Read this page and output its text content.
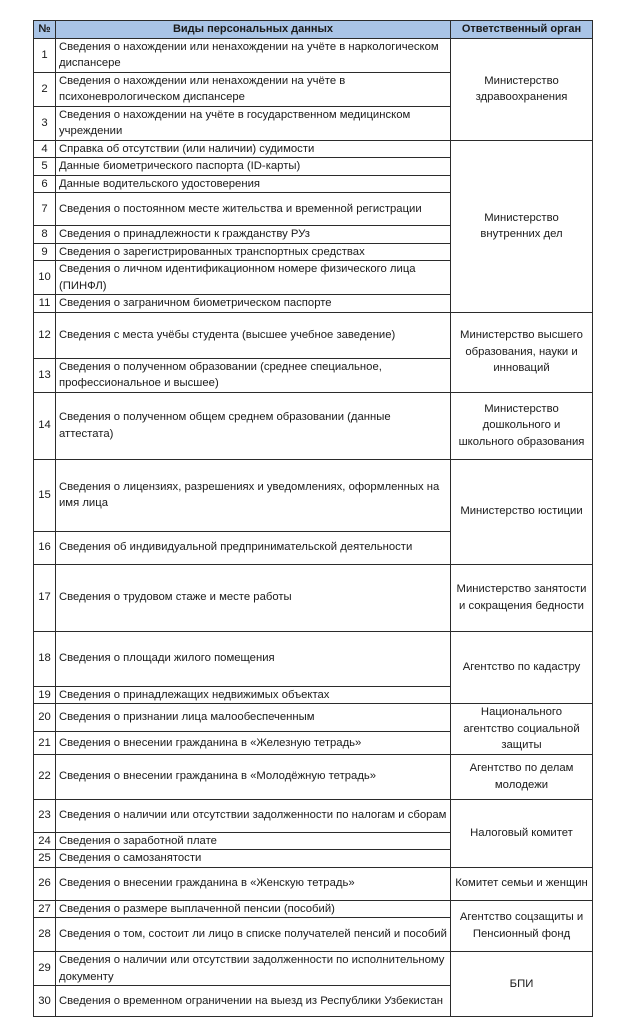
№	Виды персональных данных	Ответственный орган
1	Сведения о нахождении или ненахождении на учёте в наркологическом диспансере	Министерство здравоохранения
2	Сведения о нахождении или ненахождении на учёте в психоневрологическом диспансере	
3	Сведения о нахождении на учёте в государственном медицинском учреждении	
4	Справка об отсутствии (или наличии) судимости	Министерство внутренних дел
5	Данные биометрического паспорта (ID-карты)	
6	Данные водительского удостоверения	
7	Сведения о постоянном месте жительства и временной регистрации	
8	Сведения о принадлежности к гражданству РУз	
9	Сведения о зарегистрированных транспортных средствах	
10	Сведения о личном идентификационном номере физического лица (ПИНФЛ)	
11	Сведения о заграничном биометрическом паспорте	
12	Сведения с места учёбы студента (высшее учебное заведение)	Министерство высшего образования, науки и инноваций
13	Сведения о полученном образовании (среднее специальное, профессиональное и высшее)	
14	Сведения о полученном общем среднем образовании (данные аттестата)	Министерство дошкольного и школьного образования
15	Сведения о лицензиях, разрешениях и уведомлениях, оформленных на имя лица	Министерство юстиции
16	Сведения об индивидуальной предпринимательской деятельности	
17	Сведения о трудовом стаже и месте работы	Министерство занятости и сокращения бедности
18	Сведения о площади жилого помещения	Агентство по кадастру
19	Сведения о принадлежащих недвижимых объектах	
20	Сведения о признании лица малообеспеченным	Национального агентство социальной защиты
21	Сведения о внесении гражданина в «Железную тетрадь»	
22	Сведения о внесении гражданина в «Молодёжную тетрадь»	Агентство по делам молодежи
23	Сведения о наличии или отсутствии задолженности по налогам и сборам	Налоговый комитет
24	Сведения о заработной плате	
25	Сведения о самозанятости	
26	Сведения о внесении гражданина в «Женскую тетрадь»	Комитет семьи и женщин
27	Сведения о размере выплаченной пенсии (пособий)	Агентство соцзащиты и Пенсионный фонд
28	Сведения о том, состоит ли лицо в списке получателей пенсий и пособий	
29	Сведения о наличии или отсутствии задолженности по исполнительному документу	БПИ
30	Сведения о временном ограничении на выезд из Республики Узбекистан	
